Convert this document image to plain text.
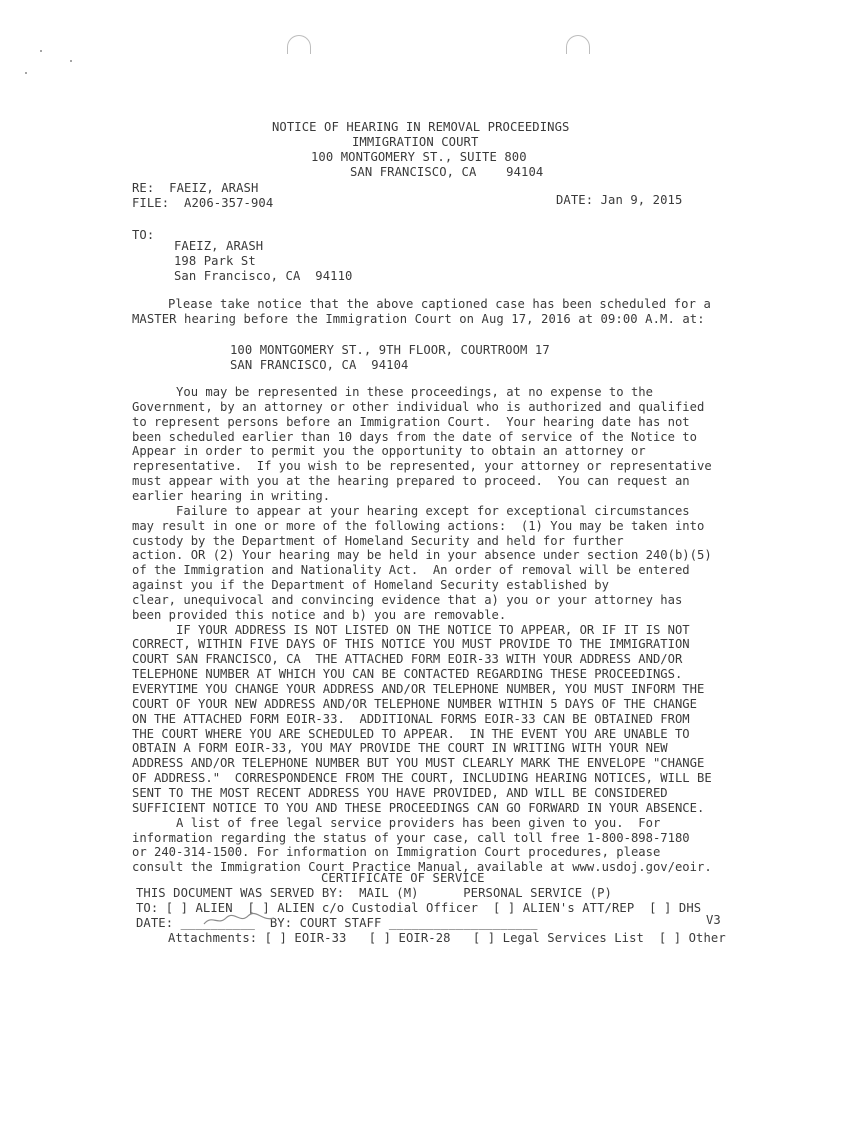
NOTICE OF HEARING IN REMOVAL PROCEEDINGS
IMMIGRATION COURT
100 MONTGOMERY ST., SUITE 800
SAN FRANCISCO, CA    94104
RE:  FAEIZ, ARASH
FILE:  A206-357-904	DATE: Jan 9, 2015
TO:
FAEIZ, ARASH
198 Park St
San Francisco, CA  94110
Please take notice that the above captioned case has been scheduled for a
MASTER hearing before the Immigration Court on Aug 17, 2016 at 09:00 A.M. at:
100 MONTGOMERY ST., 9TH FLOOR, COURTROOM 17
SAN FRANCISCO, CA  94104
You may be represented in these proceedings, at no expense to the
Government, by an attorney or other individual who is authorized and qualified
to represent persons before an Immigration Court.  Your hearing date has not
been scheduled earlier than 10 days from the date of service of the Notice to
Appear in order to permit you the opportunity to obtain an attorney or
representative.  If you wish to be represented, your attorney or representative
must appear with you at the hearing prepared to proceed.  You can request an
earlier hearing in writing.
Failure to appear at your hearing except for exceptional circumstances
may result in one or more of the following actions:  (1) You may be taken into
custody by the Department of Homeland Security and held for further
action. OR (2) Your hearing may be held in your absence under section 240(b)(5)
of the Immigration and Nationality Act.  An order of removal will be entered
against you if the Department of Homeland Security established by
clear, unequivocal and convincing evidence that a) you or your attorney has
been provided this notice and b) you are removable.
IF YOUR ADDRESS IS NOT LISTED ON THE NOTICE TO APPEAR, OR IF IT IS NOT
CORRECT, WITHIN FIVE DAYS OF THIS NOTICE YOU MUST PROVIDE TO THE IMMIGRATION
COURT SAN FRANCISCO, CA  THE ATTACHED FORM EOIR-33 WITH YOUR ADDRESS AND/OR
TELEPHONE NUMBER AT WHICH YOU CAN BE CONTACTED REGARDING THESE PROCEEDINGS.
EVERYTIME YOU CHANGE YOUR ADDRESS AND/OR TELEPHONE NUMBER, YOU MUST INFORM THE
COURT OF YOUR NEW ADDRESS AND/OR TELEPHONE NUMBER WITHIN 5 DAYS OF THE CHANGE
ON THE ATTACHED FORM EOIR-33.  ADDITIONAL FORMS EOIR-33 CAN BE OBTAINED FROM
THE COURT WHERE YOU ARE SCHEDULED TO APPEAR.  IN THE EVENT YOU ARE UNABLE TO
OBTAIN A FORM EOIR-33, YOU MAY PROVIDE THE COURT IN WRITING WITH YOUR NEW
ADDRESS AND/OR TELEPHONE NUMBER BUT YOU MUST CLEARLY MARK THE ENVELOPE "CHANGE
OF ADDRESS."  CORRESPONDENCE FROM THE COURT, INCLUDING HEARING NOTICES, WILL BE
SENT TO THE MOST RECENT ADDRESS YOU HAVE PROVIDED, AND WILL BE CONSIDERED
SUFFICIENT NOTICE TO YOU AND THESE PROCEEDINGS CAN GO FORWARD IN YOUR ABSENCE.
A list of free legal service providers has been given to you.  For
information regarding the status of your case, call toll free 1-800-898-7180
or 240-314-1500. For information on Immigration Court procedures, please
consult the Immigration Court Practice Manual, available at www.usdoj.gov/eoir.
CERTIFICATE OF SERVICE
THIS DOCUMENT WAS SERVED BY:  MAIL (M)      PERSONAL SERVICE (P)
TO: [ ] ALIEN  [ ] ALIEN c/o Custodial Officer  [ ] ALIEN's ATT/REP  [ ] DHS
DATE: __________  BY: COURT STAFF ____________________	V3
Attachments: [ ] EOIR-33   [ ] EOIR-28   [ ] Legal Services List  [ ] Other
